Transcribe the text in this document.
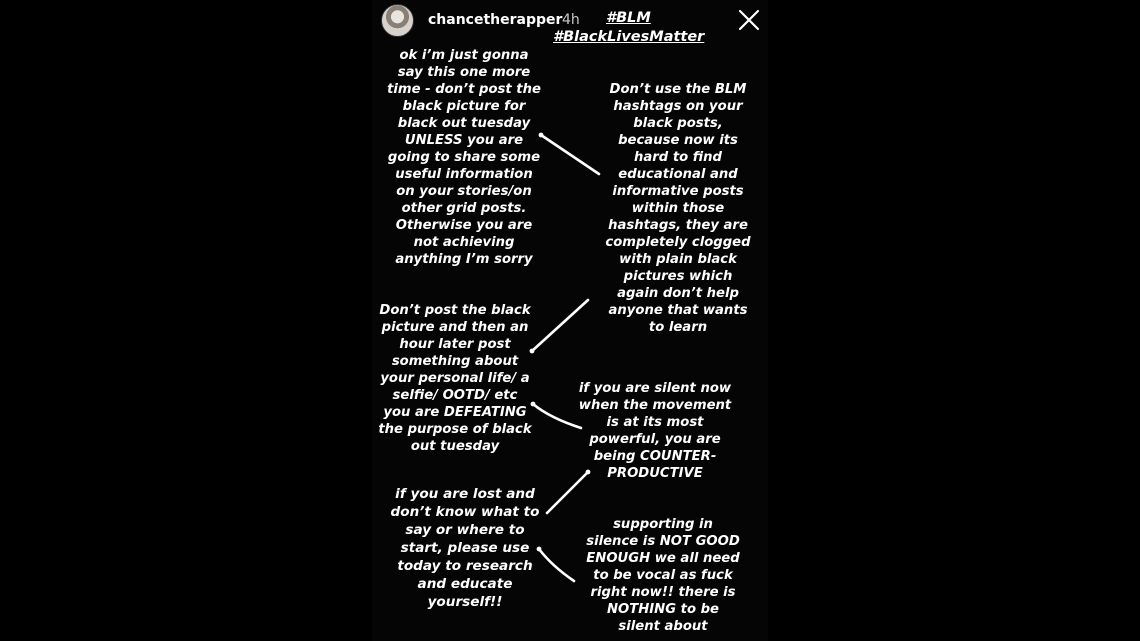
chancetherapper 4h #BLM
#BlackLivesMatter
ok i’m just gonna
say this one more
time - don’t post the
black picture for
black out tuesday
UNLESS you are
going to share some
useful information
on your stories/on
other grid posts.
Otherwise you are
not achieving
anything I’m sorry
Don’t use the BLM
hashtags on your
black posts,
because now its
hard to find
educational and
informative posts
within those
hashtags, they are
completely clogged
with plain black
pictures which
again don’t help
anyone that wants
to learn
Don’t post the black
picture and then an
hour later post
something about
your personal life/ a
selfie/ OOTD/ etc
you are DEFEATING
the purpose of black
out tuesday
if you are silent now
when the movement
is at its most
powerful, you are
being COUNTER-
PRODUCTIVE
if you are lost and
don’t know what to
say or where to
start, please use
today to research
and educate
yourself!!
supporting in
silence is NOT GOOD
ENOUGH we all need
to be vocal as fuck
right now!! there is
NOTHING to be
silent about
